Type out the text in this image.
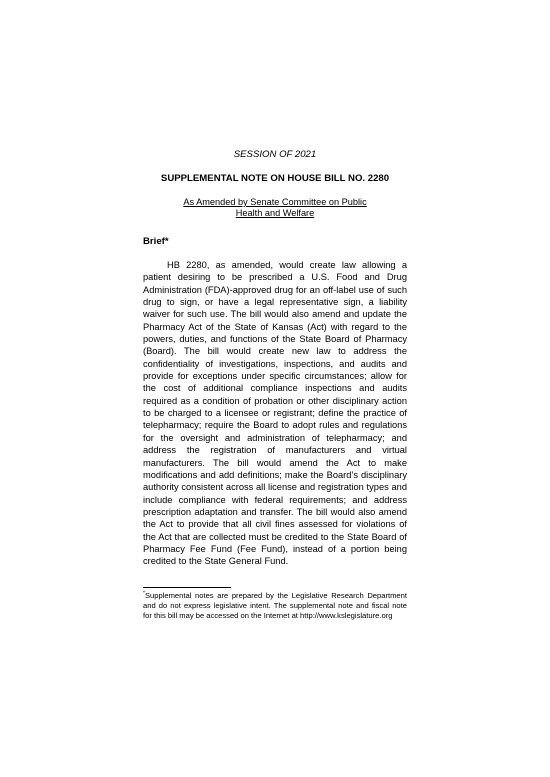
SESSION OF 2021
SUPPLEMENTAL NOTE ON HOUSE BILL NO. 2280
As Amended by Senate Committee on Public
Health and Welfare
Brief*

HB 2280, as amended, would create law allowing a patient desiring to be prescribed a U.S. Food and Drug Administration (FDA)-approved drug for an off-label use of such drug to sign, or have a legal representative sign, a liability waiver for such use. The bill would also amend and update the Pharmacy Act of the State of Kansas (Act) with regard to the powers, duties, and functions of the State Board of Pharmacy (Board). The bill would create new law to address the confidentiality of investigations, inspections, and audits and provide for exceptions under specific circumstances; allow for the cost of additional compliance inspections and audits required as a condition of probation or other disciplinary action to be charged to a licensee or registrant; define the practice of telepharmacy; require the Board to adopt rules and regulations for the oversight and administration of telepharmacy; and address the registration of manufacturers and virtual manufacturers. The bill would amend the Act to make modifications and add definitions; make the Board’s disciplinary authority consistent across all license and registration types and include compliance with federal requirements; and address prescription adaptation and transfer. The bill would also amend the Act to provide that all civil fines assessed for violations of the Act that are collected must be credited to the State Board of Pharmacy Fee Fund (Fee Fund), instead of a portion being credited to the State General Fund.

*Supplemental notes are prepared by the Legislative Research Department and do not express legislative intent. The supplemental note and fiscal note for this bill may be accessed on the Internet at http://www.kslegislature.org
